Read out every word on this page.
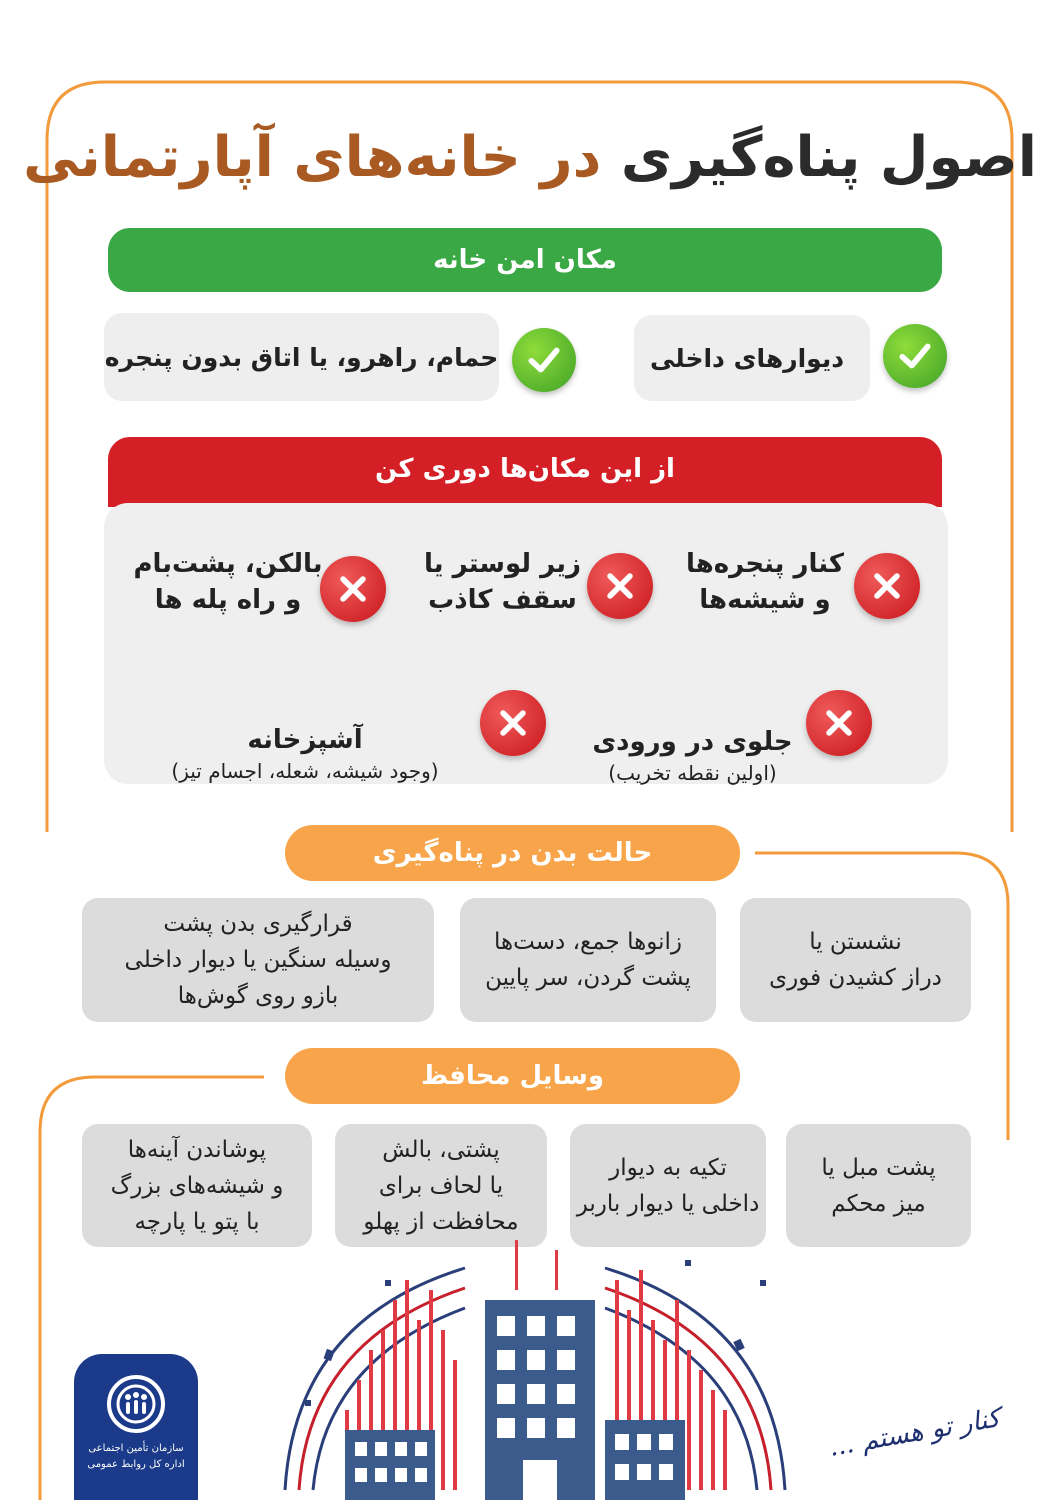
اصول پناه‌گیری در خانه‌های آپارتمانی
مکان امن خانه
دیوارهای داخلی
حمام، راهرو، یا اتاق بدون پنجره
از این مکان‌ها دوری کن
کنار پنجره‌ها
و شیشه‌ها
زیر لوستر یا
سقف کاذب
بالکن، پشت‌بام
و راه پله ها

جلوی در ورودی

(اولین نقطه تخریب)

آشپزخانه

(وجود شیشه، شعله، اجسام تیز)

حالت بدن در پناه‌گیری
نشستن یا
دراز کشیدن فوری
زانوها جمع، دست‌ها
پشت گردن، سر پایین
قرارگیری بدن پشت
وسیله سنگین یا دیوار داخلی
بازو روی گوش‌ها
وسایل محافظ
پشت مبل یا
میز محکم
تکیه به دیوار
داخلی یا دیوار باربر
پشتی، بالش
یا لحاف برای
محافظت از پهلو
پوشاندن آینه‌ها
و شیشه‌های بزرگ
با پتو یا پارچه
سازمان تأمین اجتماعی
اداره کل روابط عمومی
کنار تو هستم ...
